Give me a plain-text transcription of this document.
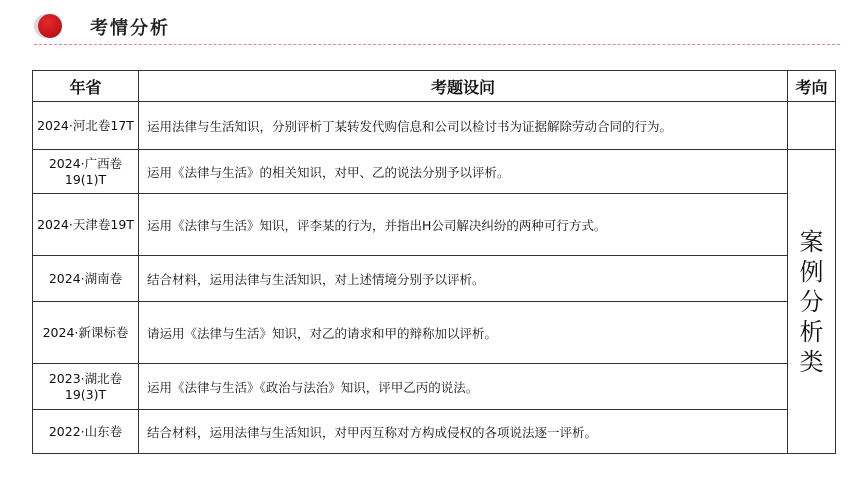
考情分析
年省	考题设问	考向
2024·河北卷17T	运用法律与生活知识，分别评析丁某转发代购信息和公司以检讨书为证据解除劳动合同的行为。	
2024·广西卷19(1)T	运用《法律与生活》的相关知识，对甲、乙的说法分别予以评析。	案例分析类
2024·天津卷19T	运用《法律与生活》知识，评李某的行为，并指出H公司解决纠纷的两种可行方式。	
2024·湖南卷	结合材料，运用法律与生活知识，对上述情境分别予以评析。	
2024·新课标卷	请运用《法律与生活》知识，对乙的请求和甲的辩称加以评析。	
2023·湖北卷19(3)T	运用《法律与生活》《政治与法治》知识，评甲乙丙的说法。	
2022·山东卷	结合材料，运用法律与生活知识，对甲丙互称对方构成侵权的各项说法逐一评析。	
